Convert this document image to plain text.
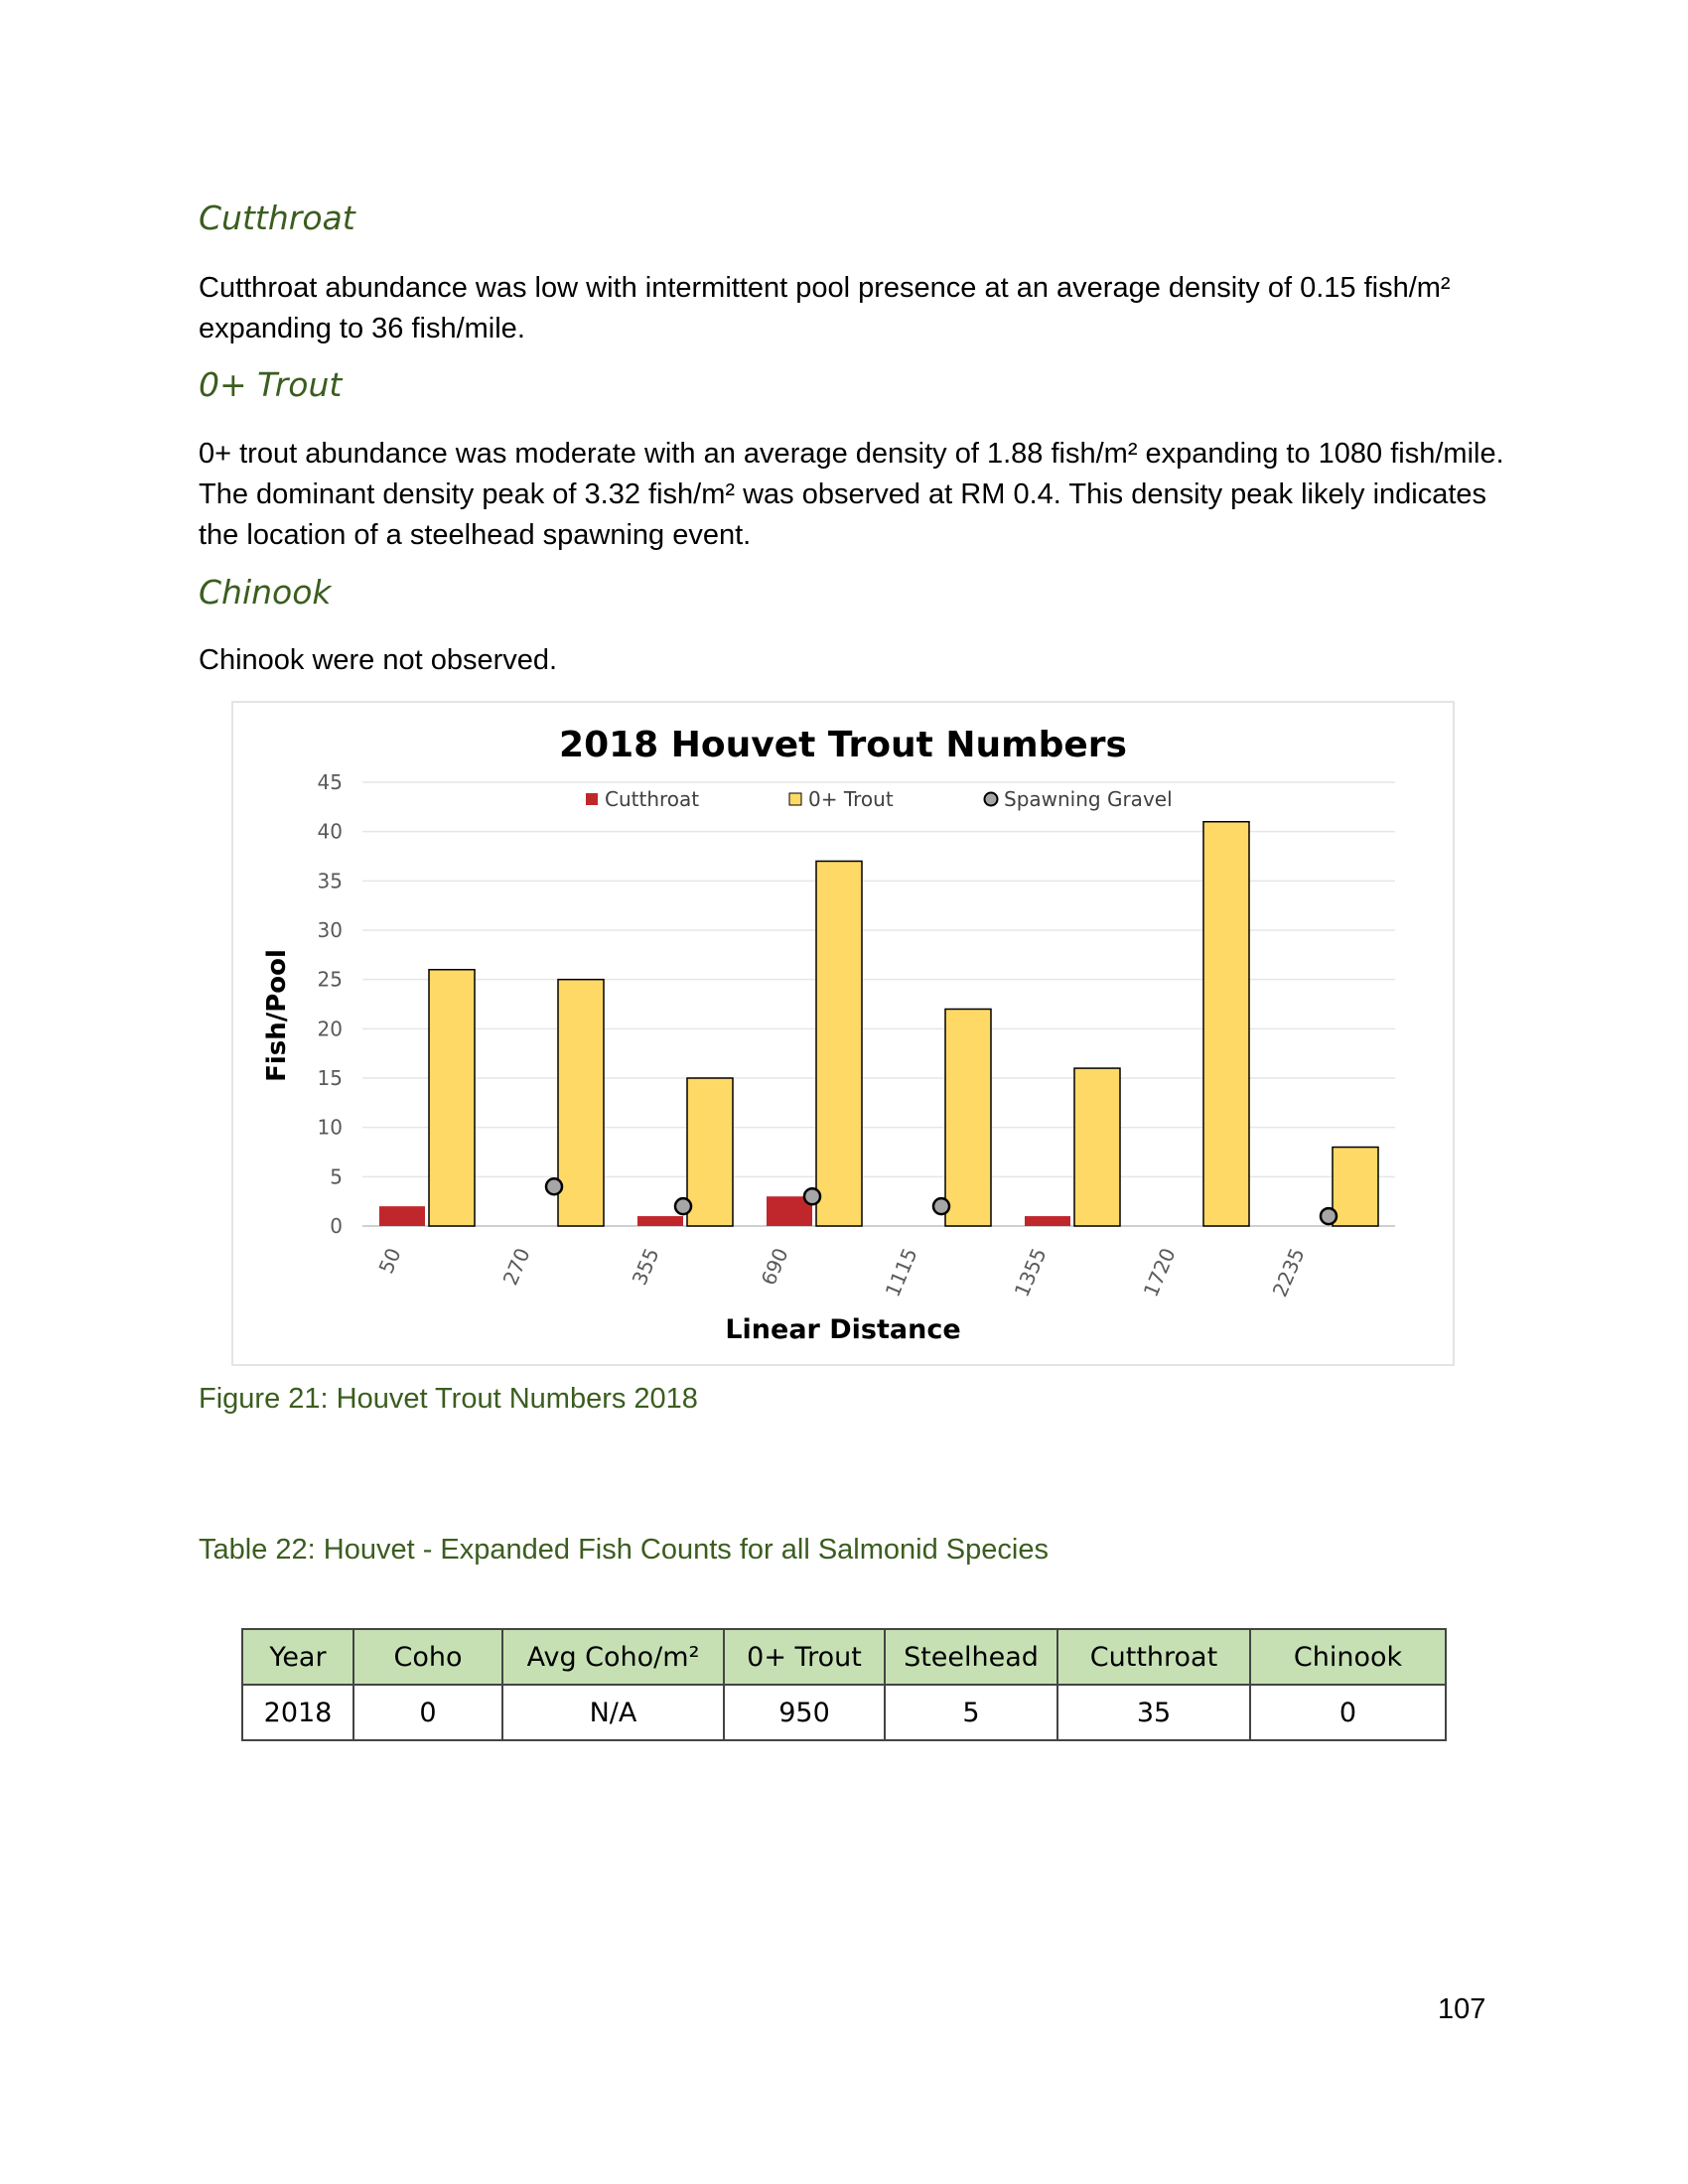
Cutthroat

Cutthroat abundance was low with intermittent pool presence at an average density of 0.15 fish/m² expanding to 36 fish/mile.

0+ Trout

0+ trout abundance was moderate with an average density of 1.88 fish/m² expanding to 1080 fish/mile. The dominant density peak of 3.32 fish/m² was observed at RM 0.4. This density peak likely indicates the location of a steelhead spawning event.

Chinook

Chinook were not observed.

0
5
10
15
20
25
30
35
40
45
2018 Houvet Trout Numbers
Linear Distance
Fish/Pool
Cutthroat	0+ Trout	Spawning Gravel
50	270	355	690	1115	1355	1720	2235

Figure 21: Houvet Trout Numbers 2018

Table 22: Houvet - Expanded Fish Counts for all Salmonid Species

Year	Coho	Avg Coho/m²	0+ Trout	Steelhead	Cutthroat	Chinook
2018	0	N/A	950	5	35	0
107
